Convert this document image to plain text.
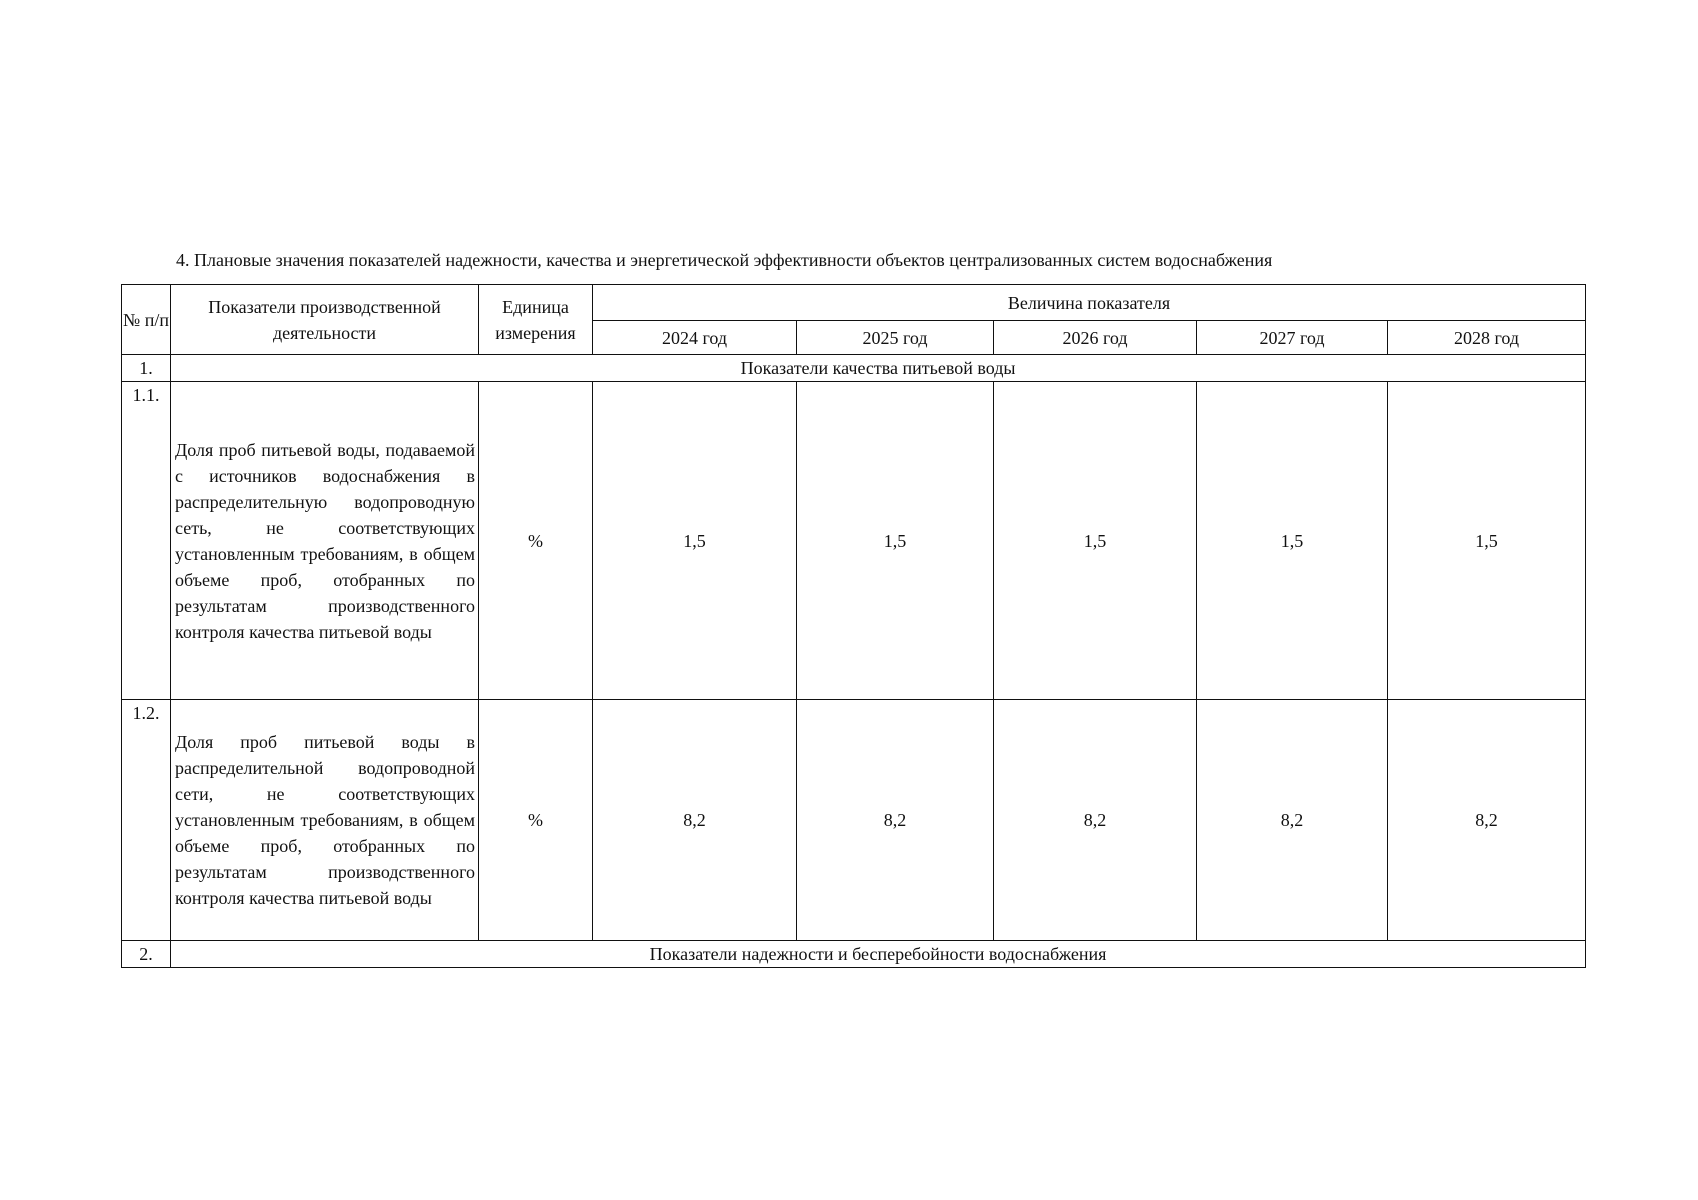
4. Плановые значения показателей надежности, качества и энергетической эффективности объектов централизованных систем водоснабжения
№ п/п	Показатели производственной деятельности	Единица измерения	Величина показателя				
			2024 год	2025 год	2026 год	2027 год	2028 год
1.	Показатели качества питьевой воды						
1.1.	Доля проб питьевой воды, подаваемой с источников водоснабжения в распределительную водопроводную сеть, не соответствующих установленным требованиям, в общем объеме проб, отобранных по результатам производственного контроля качества питьевой воды	%	1,5	1,5	1,5	1,5	1,5
1.2.	Доля проб питьевой воды в распределительной водопроводной сети, не соответствующих установленным требованиям, в общем объеме проб, отобранных по результатам производственного контроля качества питьевой воды	%	8,2	8,2	8,2	8,2	8,2
2.	Показатели надежности и бесперебойности водоснабжения						
